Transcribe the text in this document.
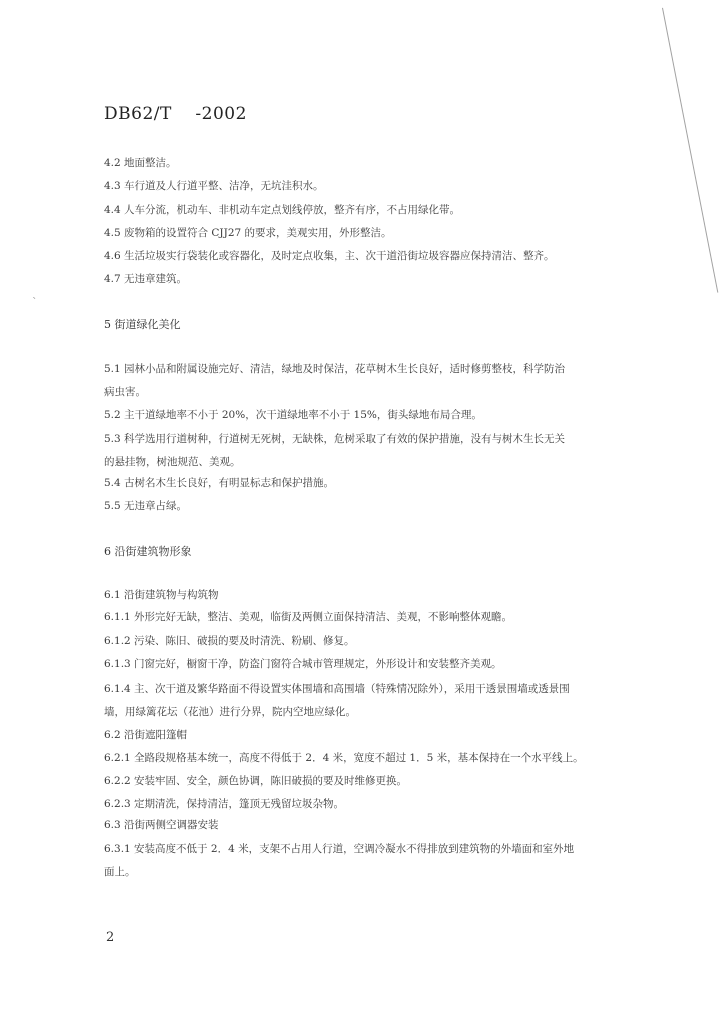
ˋ
DB62/T    -2002
4.2 地面整洁。
4.3 车行道及人行道平整、洁净，无坑洼积水。
4.4 人车分流，机动车、非机动车定点划线停放，整齐有序，不占用绿化带。
4.5 废物箱的设置符合 CJJ27 的要求，美观实用，外形整洁。
4.6 生活垃圾实行袋装化或容器化，及时定点收集，主、次干道沿街垃圾容器应保持清洁、整齐。
4.7 无违章建筑。
5 街道绿化美化
5.1 园林小品和附属设施完好、清洁，绿地及时保洁，花草树木生长良好，适时修剪整枝，科学防治
病虫害。
5.2 主干道绿地率不小于 20%，次干道绿地率不小于 15%，街头绿地布局合理。
5.3 科学选用行道树种，行道树无死树，无缺株，危树采取了有效的保护措施，没有与树木生长无关
的悬挂物，树池规范、美观。
5.4 古树名木生长良好，有明显标志和保护措施。
5.5 无违章占绿。
6 沿街建筑物形象
6.1 沿街建筑物与构筑物
6.1.1 外形完好无缺，整洁、美观，临街及两侧立面保持清洁、美观，不影响整体观瞻。
6.1.2 污染、陈旧、破损的要及时清洗、粉刷、修复。
6.1.3 门窗完好，橱窗干净，防盗门窗符合城市管理规定，外形设计和安装整齐美观。
6.1.4 主、次干道及繁华路面不得设置实体围墙和高围墙（特殊情况除外），采用干透景围墙或透景围
墙，用绿篱花坛（花池）进行分界，院内空地应绿化。
6.2 沿街遮阳篷帽
6.2.1 全路段规格基本统一，高度不得低于 2．4 米，宽度不超过 1．5 米，基本保持在一个水平线上。
6.2.2 安装牢固、安全，颜色协调，陈旧破损的要及时维修更换。
6.2.3 定期清洗，保持清洁，篷顶无残留垃圾杂物。
6.3 沿街两侧空调器安装
6.3.1 安装高度不低于 2．4 米，支架不占用人行道，空调冷凝水不得排放到建筑物的外墙面和室外地
面上。
2
